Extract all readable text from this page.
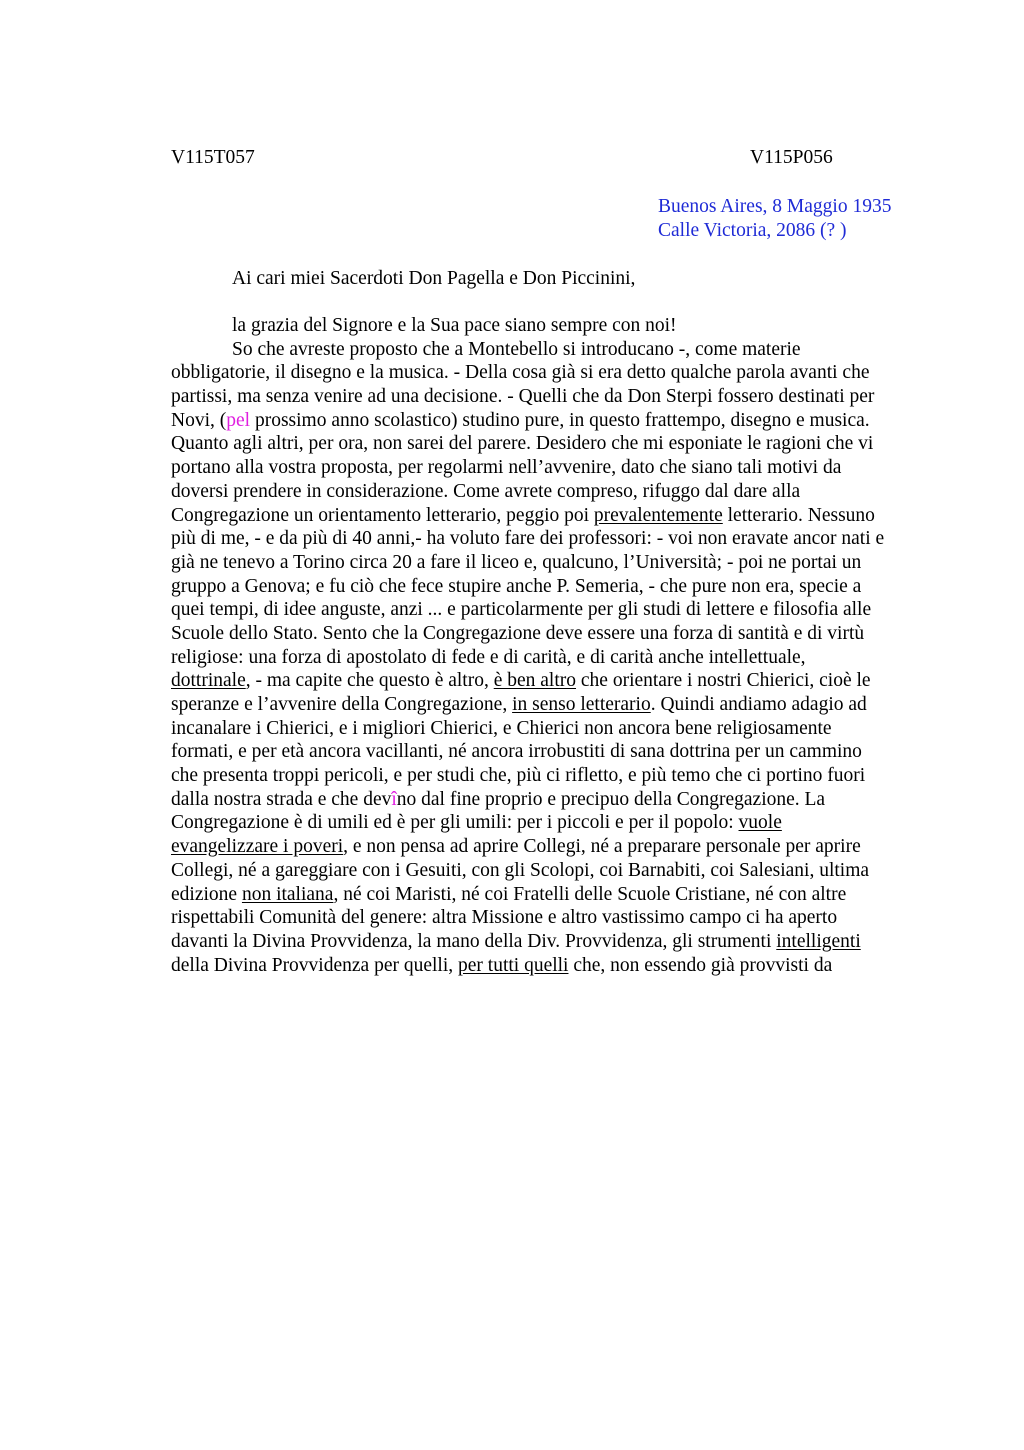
V115T057	V115P056
Buenos Aires, 8 Maggio 1935
Calle Victoria, 2086 (? )
Ai cari miei Sacerdoti Don Pagella e Don Piccinini,
la grazia del Signore e la Sua pace siano sempre con noi!
So che avreste proposto che a Montebello si introducano -, come materie
obbligatorie, il disegno e la musica. - Della cosa già si era detto qualche parola avanti che
partissi, ma senza venire ad una decisione. - Quelli che da Don Sterpi fossero destinati per
Novi, (pel prossimo anno scolastico) studino pure, in questo frattempo, disegno e musica.
Quanto agli altri, per ora, non sarei del parere. Desidero che mi esponiate le ragioni che vi
portano alla vostra proposta, per regolarmi nell’avvenire, dato che siano tali motivi da
doversi prendere in considerazione. Come avrete compreso, rifuggo dal dare alla
Congregazione un orientamento letterario, peggio poi prevalentemente letterario. Nessuno
più di me, - e da più di 40 anni,- ha voluto fare dei professori: - voi non eravate ancor nati e
già ne tenevo a Torino circa 20 a fare il liceo e, qualcuno, l’Università; - poi ne portai un
gruppo a Genova; e fu ciò che fece stupire anche P. Semeria, - che pure non era, specie a
quei tempi, di idee anguste, anzi ... e particolarmente per gli studi di lettere e filosofia alle
Scuole dello Stato. Sento che la Congregazione deve essere una forza di santità e di virtù
religiose: una forza di apostolato di fede e di carità, e di carità anche intellettuale,
dottrinale, - ma capite che questo è altro, è ben altro che orientare i nostri Chierici, cioè le
speranze e l’avvenire della Congregazione, in senso letterario. Quindi andiamo adagio ad
incanalare i Chierici, e i migliori Chierici, e Chierici non ancora bene religiosamente
formati, e per età ancora vacillanti, né ancora irrobustiti di sana dottrina per un cammino
che presenta troppi pericoli, e per studi che, più ci rifletto, e più temo che ci portino fuori
dalla nostra strada e che devîno dal fine proprio e precipuo della Congregazione. La
Congregazione è di umili ed è per gli umili: per i piccoli e per il popolo: vuole
evangelizzare i poveri, e non pensa ad aprire Collegi, né a preparare personale per aprire
Collegi, né a gareggiare con i Gesuiti, con gli Scolopi, coi Barnabiti, coi Salesiani, ultima
edizione non italiana, né coi Maristi, né coi Fratelli delle Scuole Cristiane, né con altre
rispettabili Comunità del genere: altra Missione e altro vastissimo campo ci ha aperto
davanti la Divina Provvidenza, la mano della Div. Provvidenza, gli strumenti intelligenti
della Divina Provvidenza per quelli, per tutti quelli che, non essendo già provvisti da
